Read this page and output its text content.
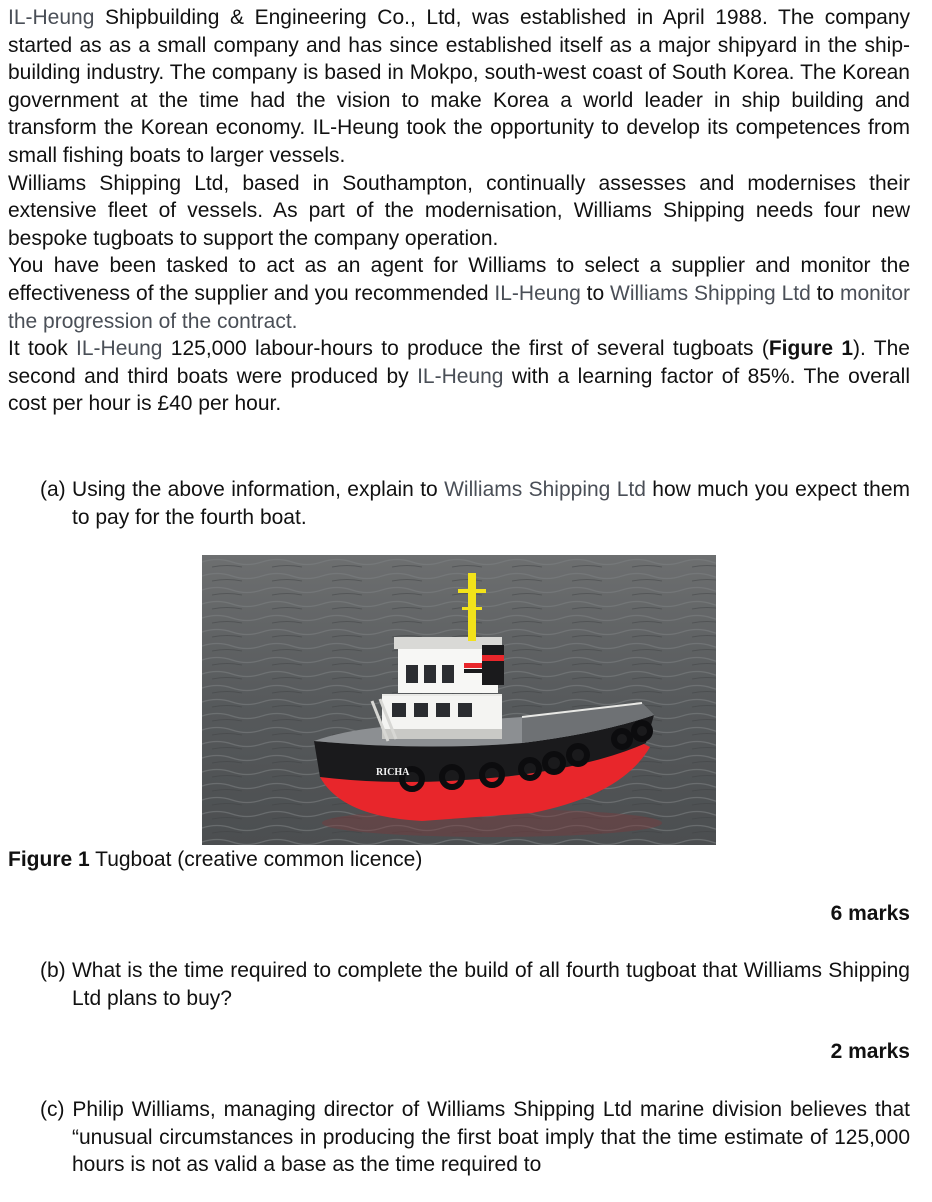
IL-Heung Shipbuilding & Engineering Co., Ltd, was established in April 1988. The company started as as a small company and has since established itself as a major shipyard in the ship-building industry. The company is based in Mokpo, south-west coast of South Korea. The Korean government at the time had the vision to make Korea a world leader in ship building and transform the Korean economy. IL-Heung took the opportunity to develop its competences from small fishing boats to larger vessels.

Williams Shipping Ltd, based in Southampton, continually assesses and modernises their extensive fleet of vessels. As part of the modernisation, Williams Shipping needs four new bespoke tugboats to support the company operation.

You have been tasked to act as an agent for Williams to select a supplier and monitor the effectiveness of the supplier and you recommended IL-Heung to Williams Shipping Ltd to monitor the progression of the contract.

It took IL-Heung 125,000 labour-hours to produce the first of several tugboats (Figure 1). The second and third boats were produced by IL-Heung with a learning factor of 85%. The overall cost per hour is £40 per hour.

(a) Using the above information, explain to Williams Shipping Ltd how much you expect them to pay for the fourth boat.
RICHA
Figure 1 Tugboat (creative common licence)
6 marks
(b) What is the time required to complete the build of all fourth tugboat that Williams Shipping Ltd plans to buy?
2 marks
(c) Philip Williams, managing director of Williams Shipping Ltd marine division believes that “unusual circumstances in producing the first boat imply that the time estimate of 125,000 hours is not as valid a base as the time required to
